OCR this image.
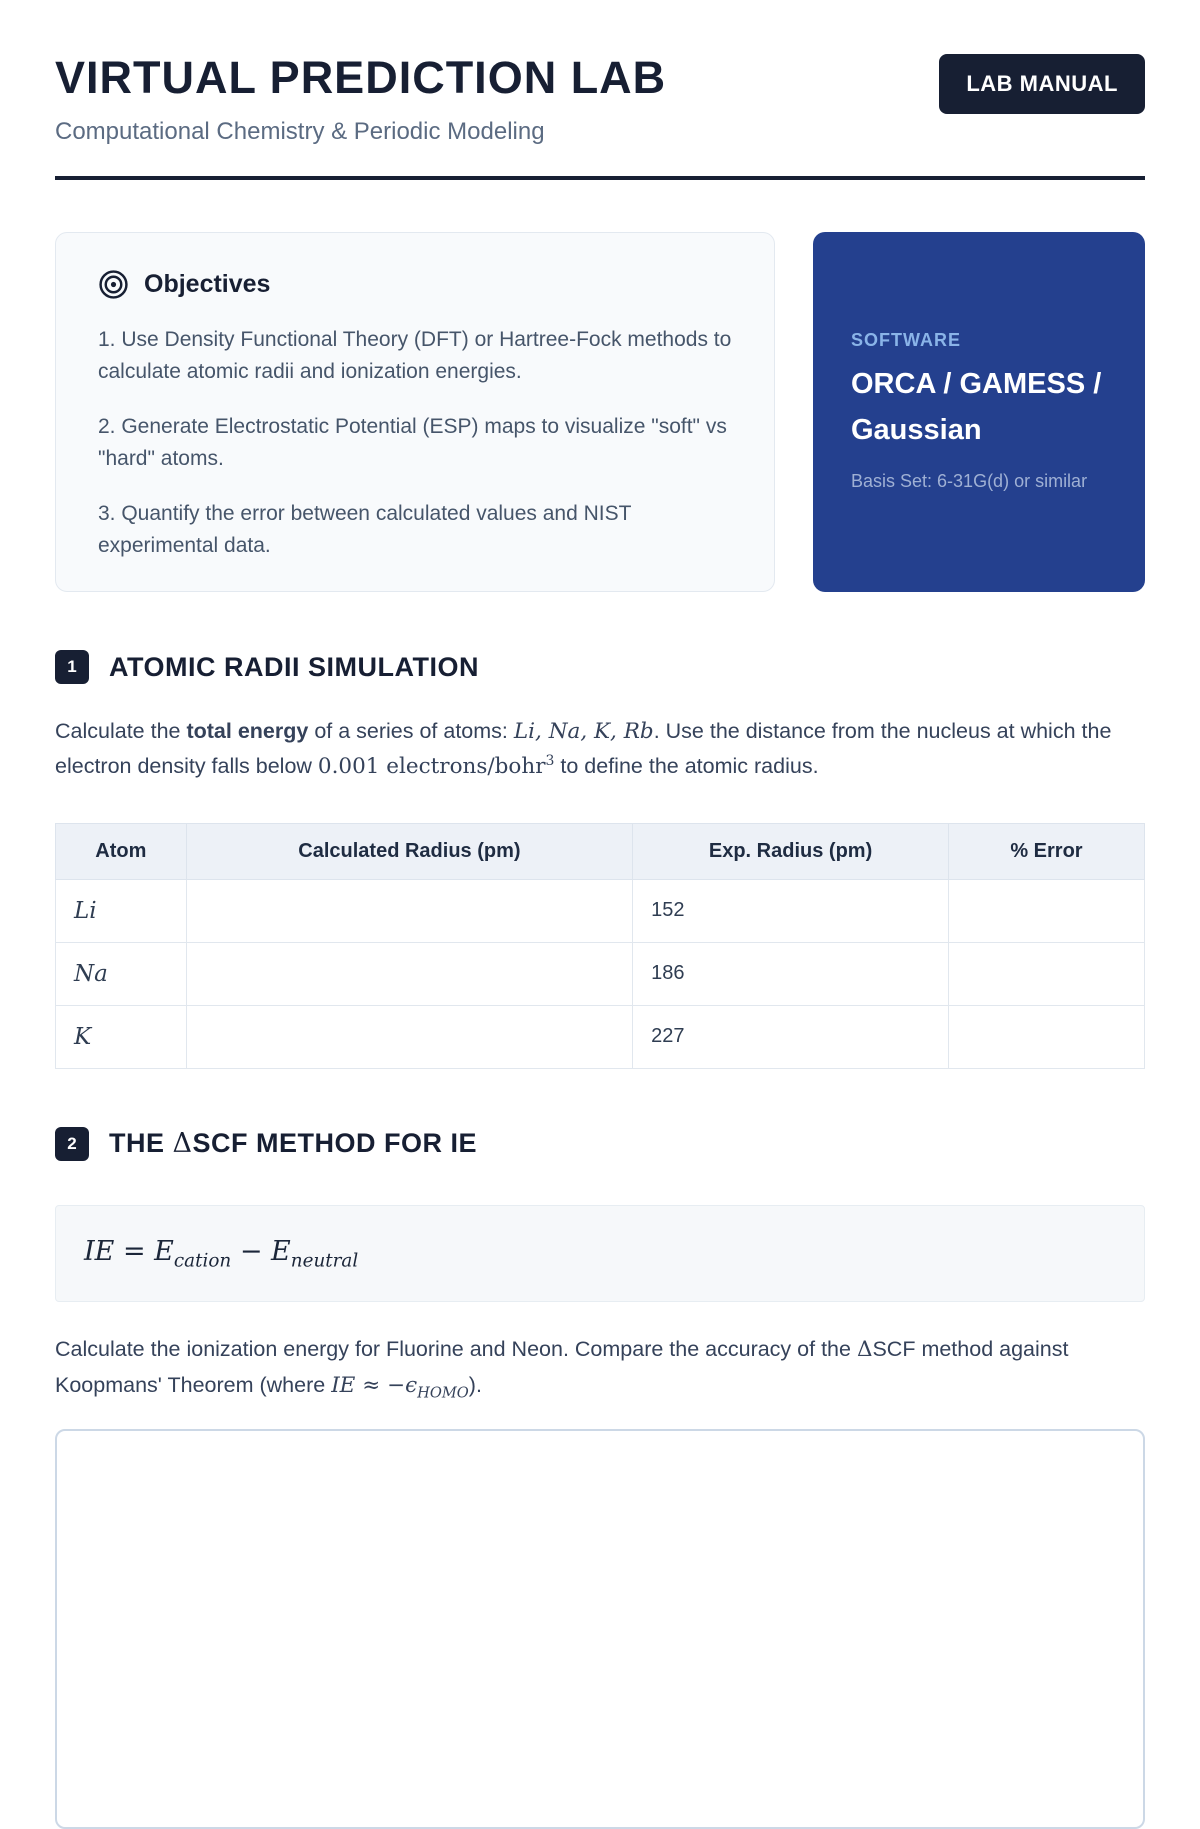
VIRTUAL PREDICTION LAB
Computational Chemistry & Periodic Modeling
LAB MANUAL
Objectives

1. Use Density Functional Theory (DFT) or Hartree-Fock methods to calculate atomic radii and ionization energies.

2. Generate Electrostatic Potential (ESP) maps to visualize "soft" vs "hard" atoms.

3. Quantify the error between calculated values and NIST experimental data.

SOFTWARE
ORCA / GAMESS / Gaussian
Basis Set: 6-31G(d) or similar
1	ATOMIC RADII SIMULATION

Calculate the total energy of a series of atoms: Li, Na, K, Rb. Use the distance from the nucleus at which the electron density falls below 0.001 electrons/bohr$^3$ to define the atomic radius.

Atom	Calculated Radius (pm)	Exp. Radius (pm)	% Error
Li		152	
Na		186	
K		227	
2	THE ΔSCF METHOD FOR IE
IE = $E_{cation} - E_{neutral}$

Calculate the ionization energy for Fluorine and Neon. Compare the accuracy of the ΔSCF method against Koopmans' Theorem (where IE ≈ $-\epsilon_{HOMO}$).
